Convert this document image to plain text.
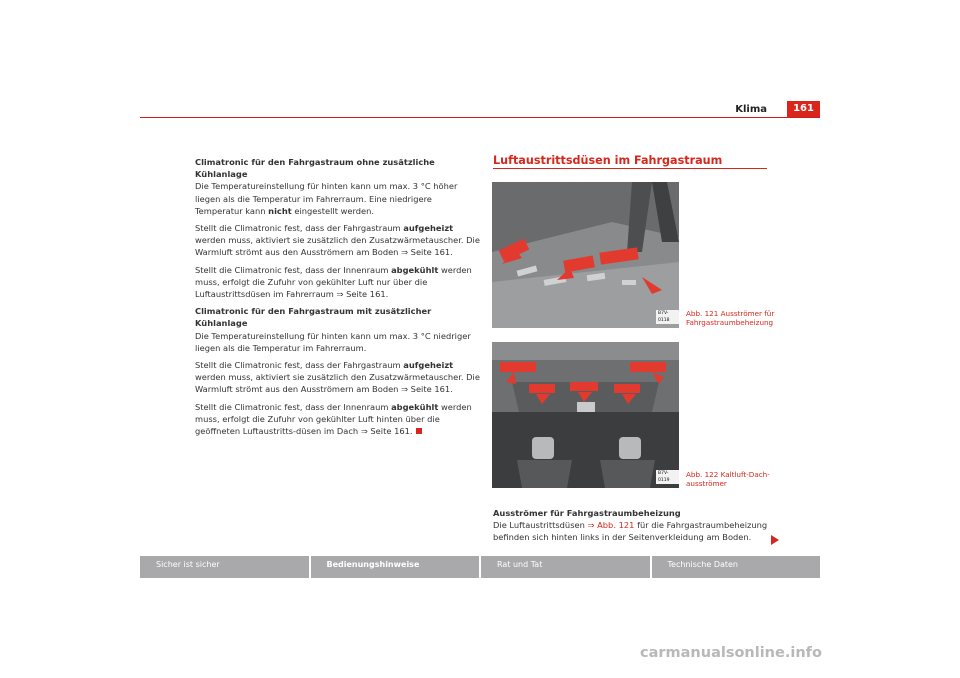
Klima	161

Climatronic für den Fahrgastraum ohne zusätzliche Kühlanlage

Die Temperatureinstellung für hinten kann um max. 3 °C höher liegen als die Temperatur im Fahrerraum. Eine niedrigere Temperatur kann nicht eingestellt werden.

Stellt die Climatronic fest, dass der Fahrgastraum aufgeheizt werden muss, aktiviert sie zusätzlich den Zusatzwärmetauscher. Die Warmluft strömt aus den Ausströmern am Boden ⇒ Seite 161.

Stellt die Climatronic fest, dass der Innenraum abgekühlt werden muss, erfolgt die Zufuhr von gekühlter Luft nur über die Luftaustrittsdüsen im Fahrerraum ⇒ Seite 161.

Climatronic für den Fahrgastraum mit zusätzlicher Kühlanlage

Die Temperatureinstellung für hinten kann um max. 3 °C niedriger liegen als die Temperatur im Fahrerraum.

Stellt die Climatronic fest, dass der Fahrgastraum aufgeheizt werden muss, aktiviert sie zusätzlich den Zusatzwärmetauscher. Die Warmluft strömt aus den Ausströmern am Boden ⇒ Seite 161.

Stellt die Climatronic fest, dass der Innenraum abgekühlt werden muss, erfolgt die Zufuhr von gekühlter Luft hinten über die geöffneten Luftaustritts-düsen im Dach ⇒ Seite 161.

Luftaustrittsdüsen im Fahrgastraum
B7V-0118
Abb. 121 Ausströmer für Fahrgastraumbeheizung
B7V-0119
Abb. 122 Kaltluft-Dach-ausströmer

Ausströmer für Fahrgastraumbeheizung

Die Luftaustrittsdüsen ⇒ Abb. 121 für die Fahrgastraumbeheizung befinden sich hinten links in der Seitenverkleidung am Boden.

Sicher ist sicher	Bedienungshinweise	Rat und Tat	Technische Daten
carmanualsonline.info
